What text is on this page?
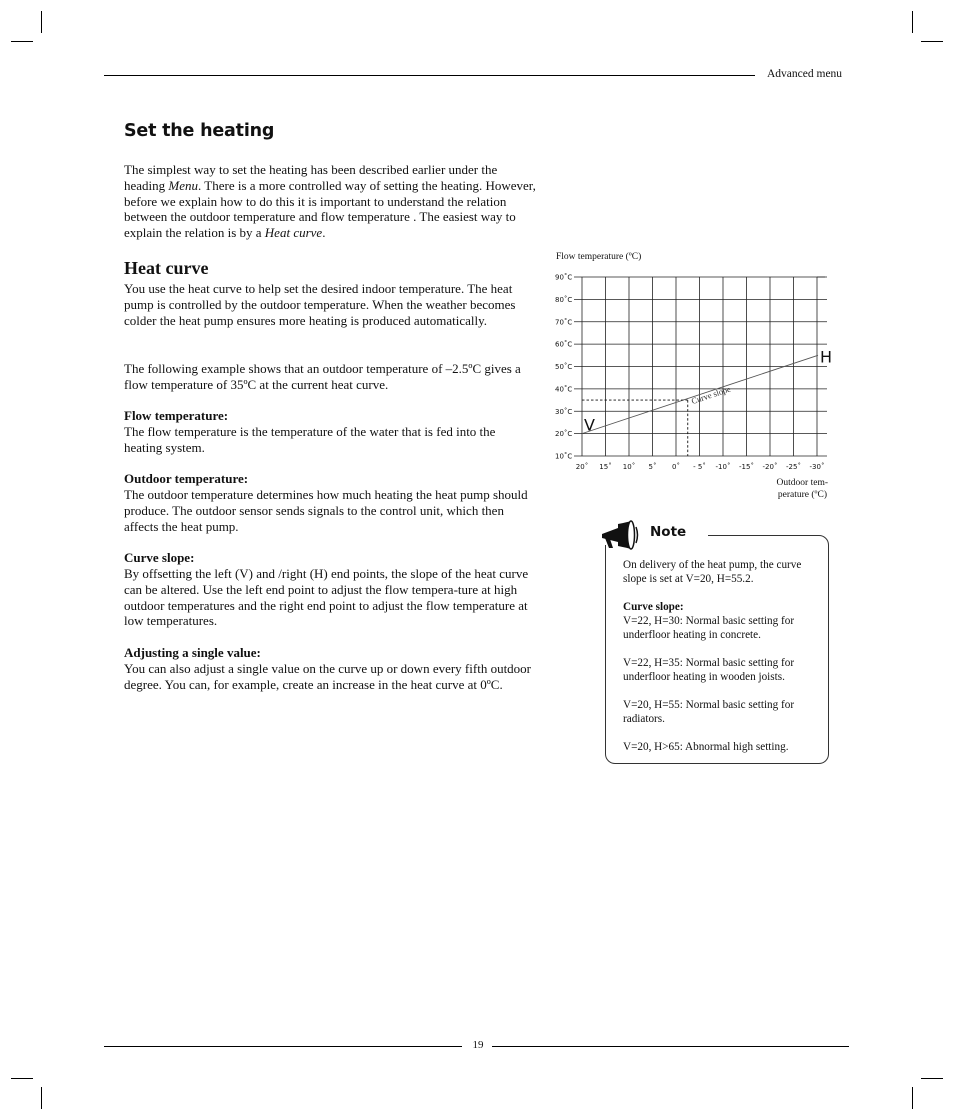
Advanced menu
Set the heating

The simplest way to set the heating has been described earlier under the heading Menu. There is a more controlled way of setting the heating. However, before we explain how to do this it is important to understand the relation between the outdoor temperature and flow temperature . The easiest way to explain the relation is by a Heat curve.

Heat curve

You use the heat curve to help set the desired indoor temperature. The heat pump is controlled by the outdoor temperature. When the weather becomes colder the heat pump ensures more heating is produced automatically.

The following example shows that an outdoor temperature of –2.5ºC gives a flow temperature of 35ºC at the current heat curve.

Flow temperature:

The flow temperature is the temperature of the water that is fed into the heating system.

Outdoor temperature:

The outdoor temperature determines how much heating the heat pump should produce. The outdoor sensor sends signals to the control unit, which then affects the heat pump.

Curve slope:

By offsetting the left (V) and /right (H) end points, the slope of the heat curve can be altered. Use the left end point to adjust the flow tempera-ture at high outdoor temperatures and the right end point to adjust the flow temperature at low temperatures.

Adjusting a single value:

You can also adjust a single value on the curve up or down every fifth outdoor degree. You can, for example, create an increase in the heat curve at 0ºC.

20˚ 15˚ 10˚ 5˚ 0˚ - 5˚ -10˚ -15˚ -20˚ -25˚ -30˚
10˚C
20˚C
30˚C
40˚C
50˚C
60˚C
70˚C
80˚C
90˚C
Curve slope
V
H
Flow temperature (ºC)
Outdoor tem-
perature (ºC)
Note

On delivery of the heat pump, the curve slope is set at V=20, H=55.2.

Curve slope:

V=22, H=30: Normal basic setting for underfloor heating in concrete.

V=22, H=35: Normal basic setting for underfloor heating in wooden joists.

V=20, H=55: Normal basic setting for radiators.

V=20, H>65: Abnormal high setting.

19
